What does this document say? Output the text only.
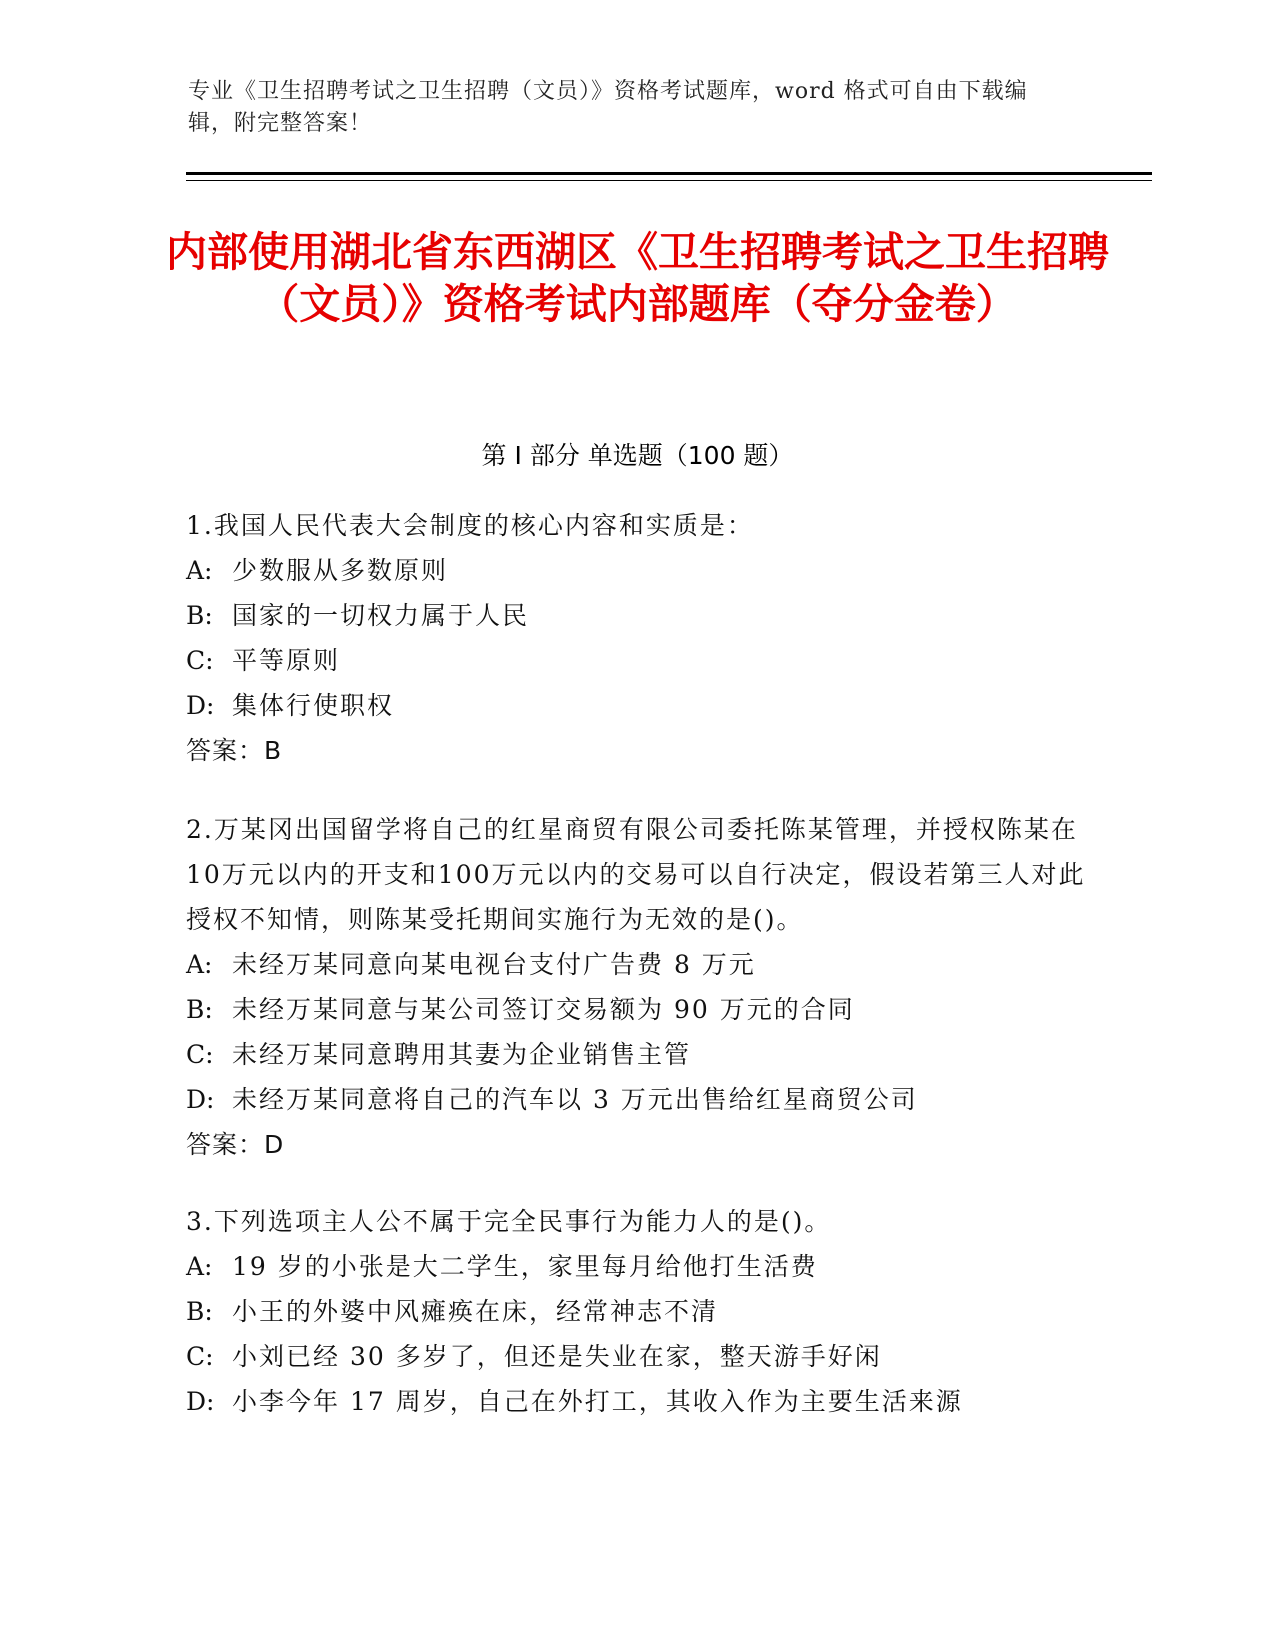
专业《卫生招聘考试之卫生招聘（文员）》资格考试题库，word 格式可自由下载编辑，附完整答案！
内部使用湖北省东西湖区《卫生招聘考试之卫生招聘（文员）》资格考试内部题库（夺分金卷）
第 I 部分 单选题（100 题）
1.我国人民代表大会制度的核心内容和实质是：
A: 少数服从多数原则
B: 国家的一切权力属于人民
C: 平等原则
D: 集体行使职权
答案：B
2.万某冈出国留学将自己的红星商贸有限公司委托陈某管理，并授权陈某在10万元以内的开支和100万元以内的交易可以自行决定，假设若第三人对此授权不知情，则陈某受托期间实施行为无效的是()。
A: 未经万某同意向某电视台支付广告费 8 万元
B: 未经万某同意与某公司签订交易额为 90 万元的合同
C: 未经万某同意聘用其妻为企业销售主管
D: 未经万某同意将自己的汽车以 3 万元出售给红星商贸公司
答案：D
3.下列选项主人公不属于完全民事行为能力人的是()。
A: 19 岁的小张是大二学生，家里每月给他打生活费
B: 小王的外婆中风瘫痪在床，经常神志不清
C: 小刘已经 30 多岁了，但还是失业在家，整天游手好闲
D: 小李今年 17 周岁，自己在外打工，其收入作为主要生活来源
